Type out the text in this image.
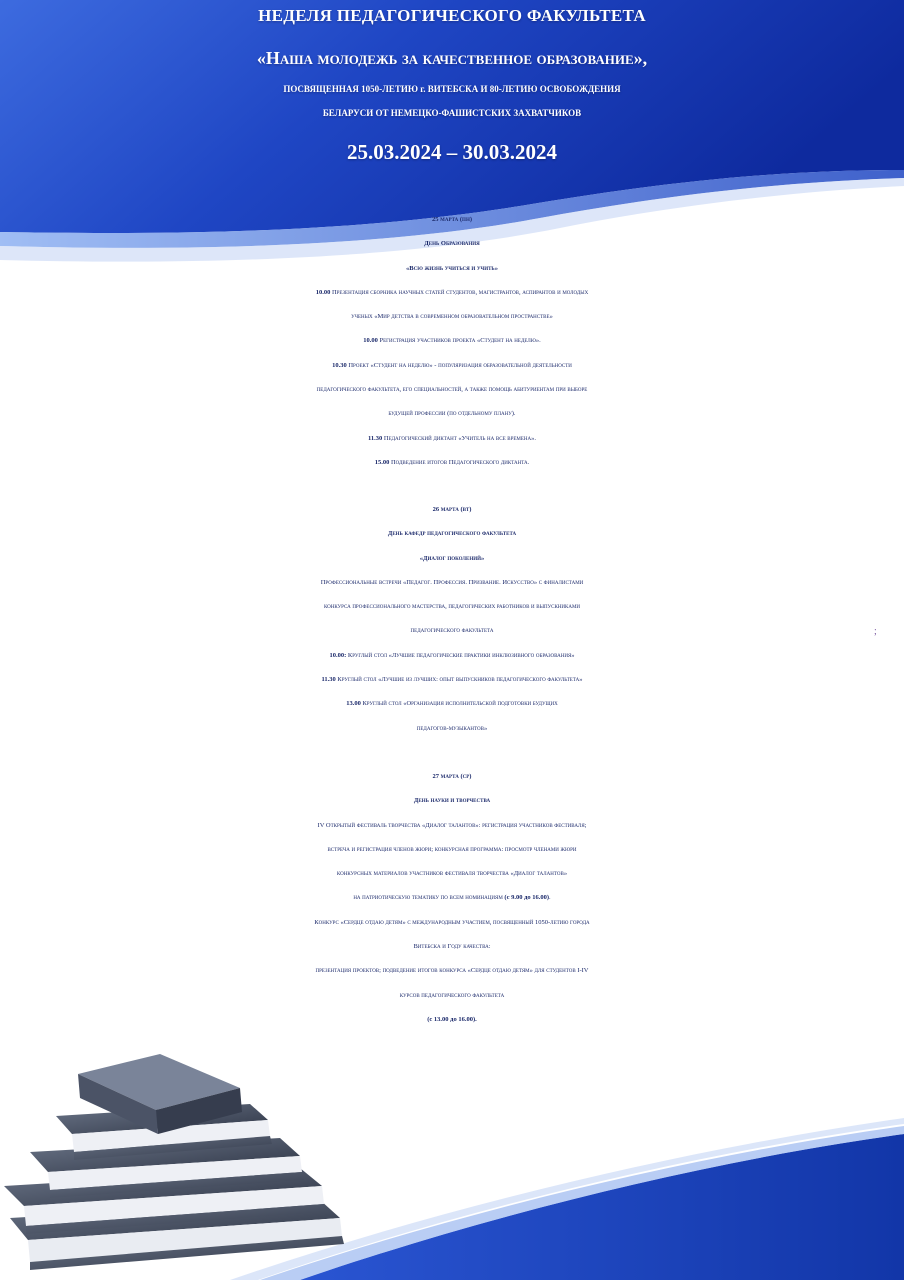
НЕДЕЛЯ ПЕДАГОГИЧЕСКОГО ФАКУЛЬТЕТА
«Наша молодежь за качественное образование»,
ПОСВЯЩЕННАЯ 1050-ЛЕТИЮ г. ВИТЕБСКА И 80-ЛЕТИЮ ОСВОБОЖДЕНИЯ
БЕЛАРУСИ ОТ НЕМЕЦКО-ФАШИСТСКИХ ЗАХВАТЧИКОВ
25.03.2024 – 30.03.2024
25 марта (пн)
День Образования
«Всю жизнь учиться и учить»
10.00 Презентация сборника научных статей студентов, магистрантов, аспирантов и молодых
ученых «Мир детства в современном образовательном пространстве»
10.00 Регистрация участников проекта «Студент на неделю».
10.30 Проект «Студент на неделю» - популяризация образовательной деятельности
педагогического факультета, его специальностей, а также помощь абитуриентам при выборе
будущей профессии (по отдельному плану).
11.30 Педагогический диктант «Учитель на все времена».
15.00 Подведение итогов Педагогического диктанта.
26 марта (вт)
День кафедр педагогического факультета
«Диалог поколений»
Профессиональные встречи «Педагог. Профессия. Призвание. Искусство» с финалистами
конкурса профессионального мастерства, педагогических работников и выпускниками
педагогического факультета
10.00: Круглый стол «Лучшие педагогические практики инклюзивного образования»
11.30 Круглый стол «Лучшие из лучших: опыт выпускников педагогического факультета»
13.00 Круглый стол «Организация исполнительской подготовки будущих
педагогов-музыкантов»
;
27 марта (ср)
День науки и творчества
IV Открытый фестиваль творчества «Диалог талантов»: регистрация участников фестиваля;
встреча и регистрация членов жюри; конкурсная программа: просмотр членами жюри
конкурсных материалов участников фестиваля творчества «Диалог талантов»
на патриотическую тематику по всем номинациям (с 9.00 до 16.00).
Конкурс «Сердце отдаю детям» с международным участием, посвященный 1050-летию города
Витебска и Году качества:
презентация проектов; подведение итогов конкурса «Сердце отдаю детям» для студентов I-IV
курсов педагогического факультета
(с 13.00 до 16.00).
